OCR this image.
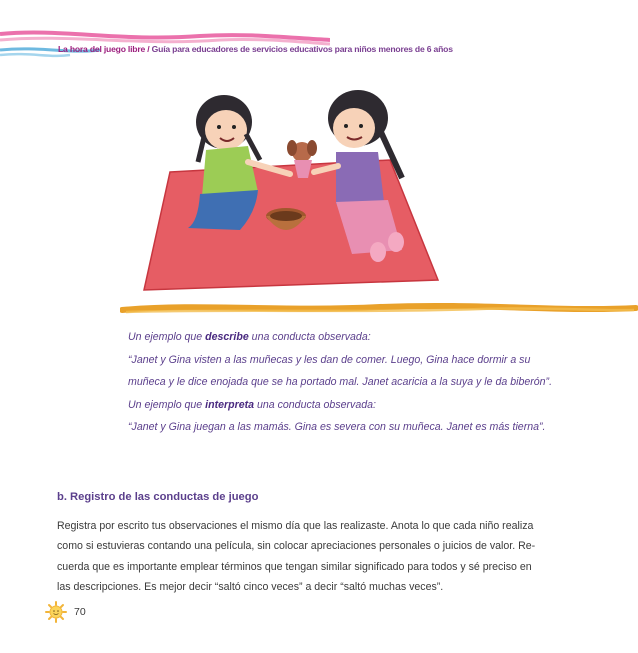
La hora del juego libre / Guía para educadores de servicios educativos para niños menores de 6 años

Un ejemplo que describe una conducta observada:

“Janet y Gina visten a las muñecas y les dan de comer. Luego, Gina hace dormir a su

muñeca y le dice enojada que se ha portado mal. Janet acaricia a la suya y le da biberón”.

Un ejemplo que interpreta una conducta observada:

“Janet y Gina juegan a las mamás. Gina es severa con su muñeca. Janet es más tierna”.

b. Registro de las conductas de juego

Registra por escrito tus observaciones el mismo día que las realizaste. Anota lo que cada niño realiza

como si estuvieras contando una película, sin colocar apreciaciones personales o juicios de valor. Re-

cuerda que es importante emplear términos que tengan similar significado para todos y sé preciso en

las descripciones. Es mejor decir “saltó cinco veces” a decir “saltó muchas veces”.

70
